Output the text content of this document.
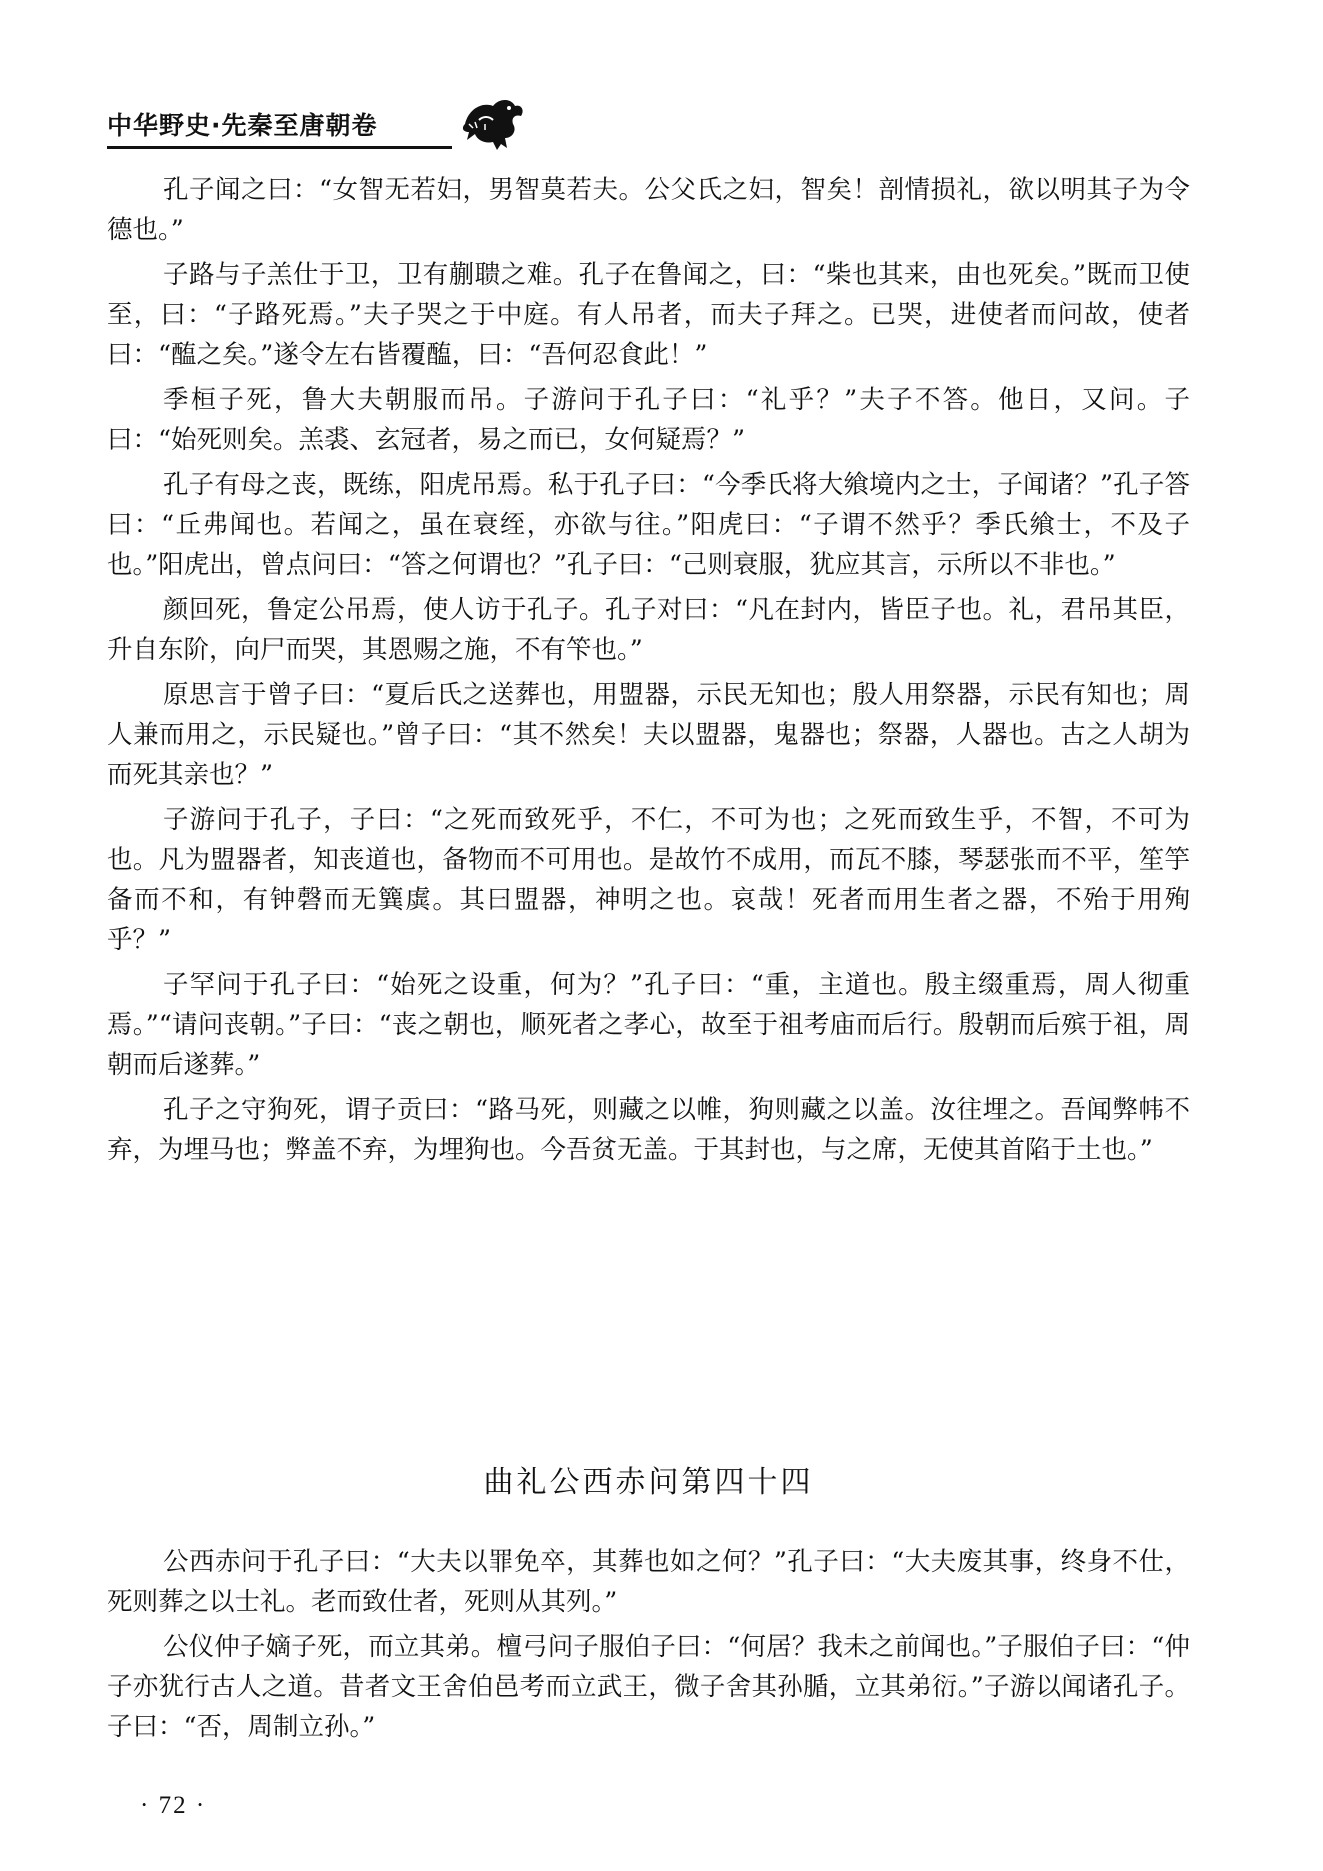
中华野史·先秦至唐朝卷

孔子闻之曰：“女智无若妇，男智莫若夫。公父氏之妇，智矣！剖情损礼，欲以明其子为令德也。”

子路与子羔仕于卫，卫有蒯聩之难。孔子在鲁闻之，曰：“柴也其来，由也死矣。”既而卫使至，曰：“子路死焉。”夫子哭之于中庭。有人吊者，而夫子拜之。已哭，进使者而问故，使者曰：“醢之矣。”遂令左右皆覆醢，曰：“吾何忍食此！”

季桓子死，鲁大夫朝服而吊。子游问于孔子曰：“礼乎？”夫子不答。他日，又问。子曰：“始死则矣。羔裘、玄冠者，易之而已，女何疑焉？”

孔子有母之丧，既练，阳虎吊焉。私于孔子曰：“今季氏将大飨境内之士，子闻诸？”孔子答曰：“丘弗闻也。若闻之，虽在衰绖，亦欲与往。”阳虎曰：“子谓不然乎？季氏飨士，不及子也。”阳虎出，曾点问曰：“答之何谓也？”孔子曰：“己则衰服，犹应其言，示所以不非也。”

颜回死，鲁定公吊焉，使人访于孔子。孔子对曰：“凡在封内，皆臣子也。礼，君吊其臣，升自东阶，向尸而哭，其恩赐之施，不有笇也。”

原思言于曾子曰：“夏后氏之送葬也，用盟器，示民无知也；殷人用祭器，示民有知也；周人兼而用之，示民疑也。”曾子曰：“其不然矣！夫以盟器，鬼器也；祭器，人器也。古之人胡为而死其亲也？”

子游问于孔子，子曰：“之死而致死乎，不仁，不可为也；之死而致生乎，不智，不可为也。凡为盟器者，知丧道也，备物而不可用也。是故竹不成用，而瓦不膝，琴瑟张而不平，笙竽备而不和，有钟磬而无簨虡。其曰盟器，神明之也。哀哉！死者而用生者之器，不殆于用殉乎？”

子罕问于孔子曰：“始死之设重，何为？”孔子曰：“重，主道也。殷主缀重焉，周人彻重焉。”“请问丧朝。”子曰：“丧之朝也，顺死者之孝心，故至于祖考庙而后行。殷朝而后殡于祖，周朝而后遂葬。”

孔子之守狗死，谓子贡曰：“路马死，则藏之以帷，狗则藏之以盖。汝往埋之。吾闻弊帏不弃，为埋马也；弊盖不弃，为埋狗也。今吾贫无盖。于其封也，与之席，无使其首陷于土也。”

曲礼公西赤问第四十四

公西赤问于孔子曰：“大夫以罪免卒，其葬也如之何？”孔子曰：“大夫废其事，终身不仕，死则葬之以士礼。老而致仕者，死则从其列。”

公仪仲子嫡子死，而立其弟。檀弓问子服伯子曰：“何居？我未之前闻也。”子服伯子曰：“仲子亦犹行古人之道。昔者文王舍伯邑考而立武王，微子舍其孙腯，立其弟衍。”子游以闻诸孔子。子曰：“否，周制立孙。”

· 72 ·
